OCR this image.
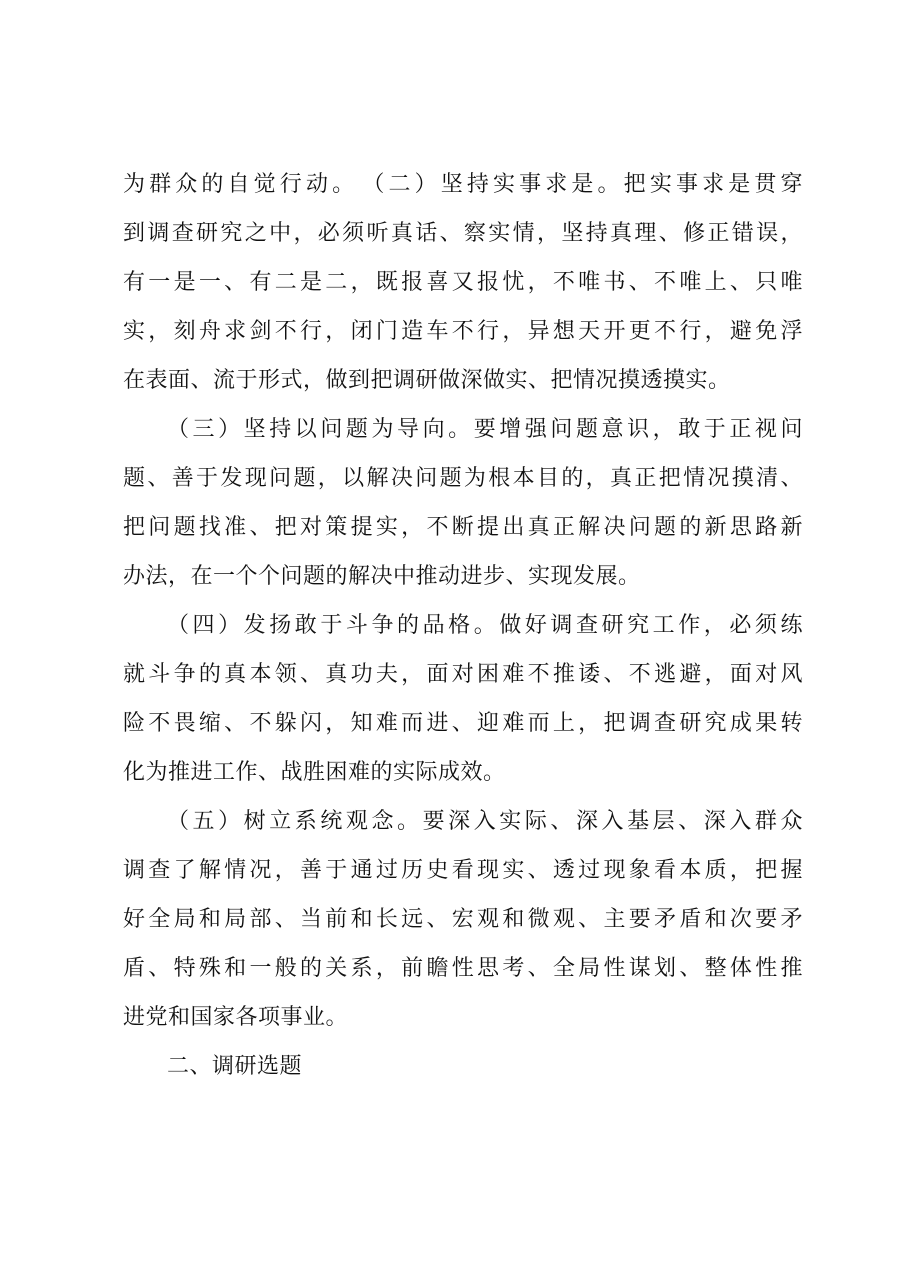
为群众的自觉行动。　（二）坚持实事求是。把实事求是贯穿
到调查研究之中，必须听真话、察实情，坚持真理、修正错误，
有一是一、有二是二，既报喜又报忧，不唯书、不唯上、只唯
实，刻舟求剑不行，闭门造车不行，异想天开更不行，避免浮
在表面、流于形式，做到把调研做深做实、把情况摸透摸实。
（三）坚持以问题为导向。要增强问题意识，敢于正视问
题、善于发现问题，以解决问题为根本目的，真正把情况摸清、
把问题找准、把对策提实，不断提出真正解决问题的新思路新
办法，在一个个问题的解决中推动进步、实现发展。
（四）发扬敢于斗争的品格。做好调查研究工作，必须练
就斗争的真本领、真功夫，面对困难不推诿、不逃避，面对风
险不畏缩、不躲闪，知难而进、迎难而上，把调查研究成果转
化为推进工作、战胜困难的实际成效。
（五）树立系统观念。要深入实际、深入基层、深入群众
调查了解情况，善于通过历史看现实、透过现象看本质，把握
好全局和局部、当前和长远、宏观和微观、主要矛盾和次要矛
盾、特殊和一般的关系，前瞻性思考、全局性谋划、整体性推
进党和国家各项事业。
二、调研选题
